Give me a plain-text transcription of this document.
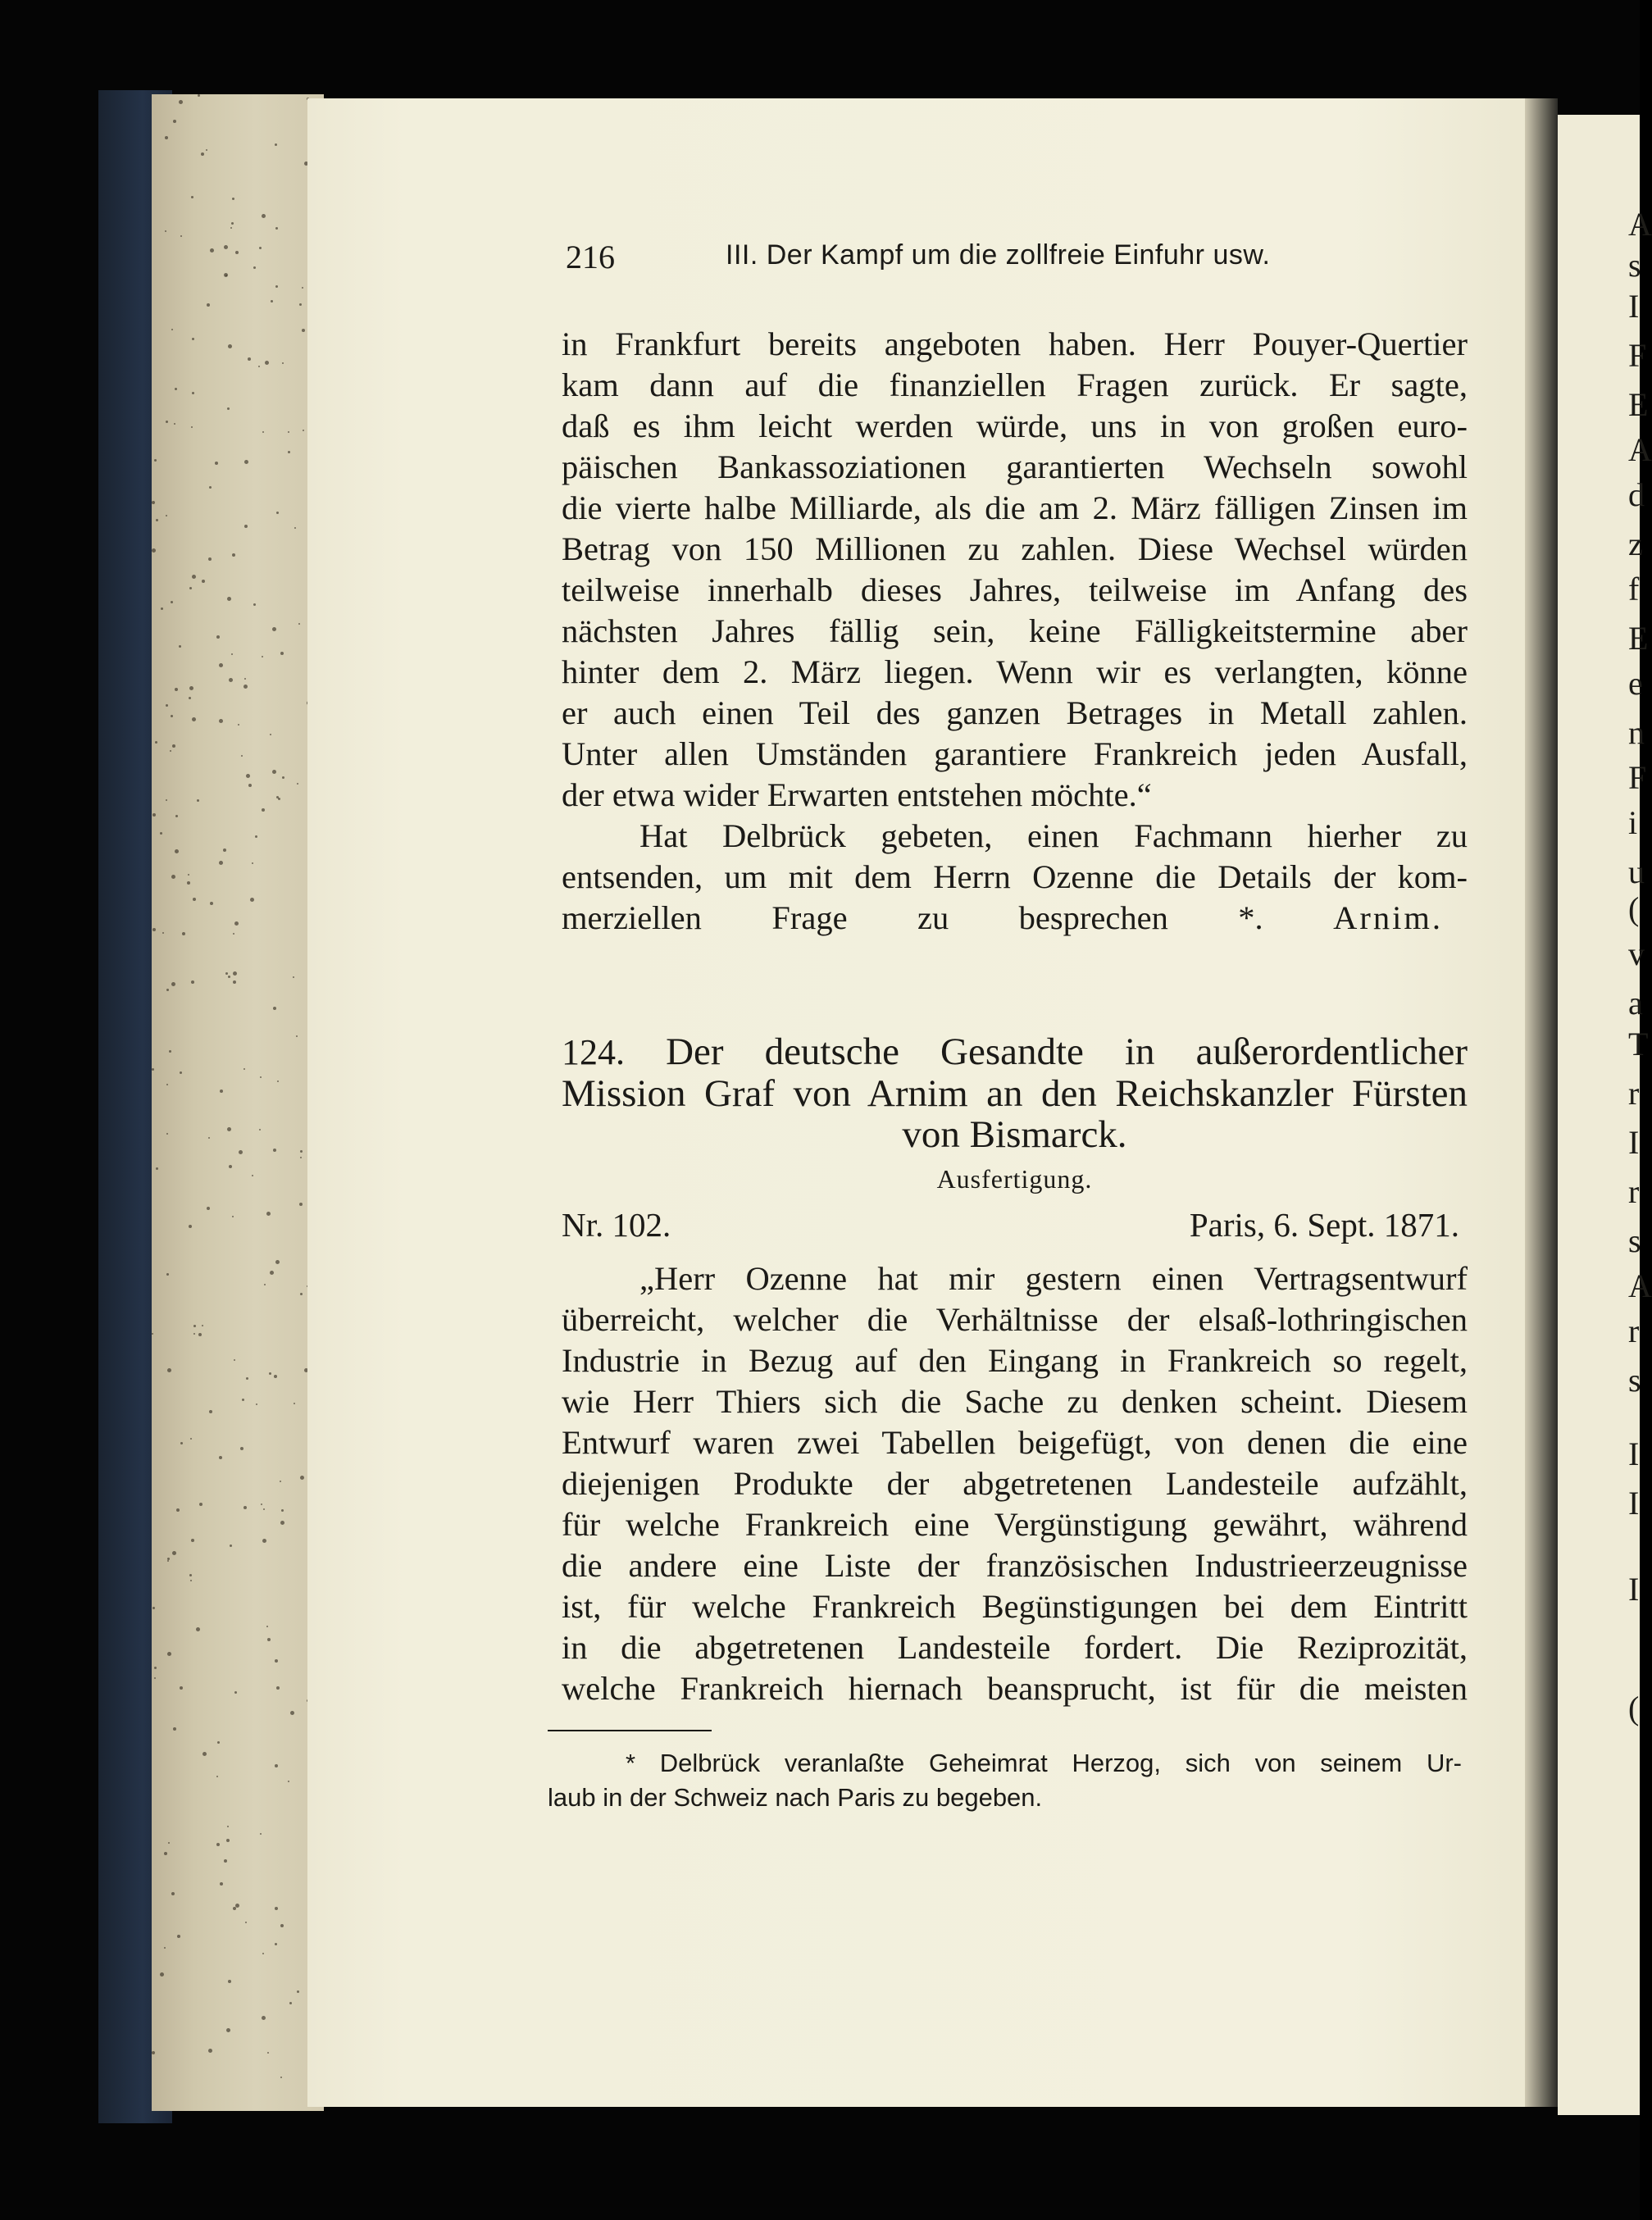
A
s
I
F
E
A
d
z
f
E
e
n
F
i
u
(
v
a
T
r
I
r
s
A
r
s
I
I
I
(
216	III. Der Kampf um die zollfreie Einfuhr usw.
in Frankfurt bereits angeboten haben. Herr Pouyer-Quertier
kam dann auf die finanziellen Fragen zurück. Er sagte,
daß es ihm leicht werden würde, uns in von großen euro-
päischen Bankassoziationen garantierten Wechseln sowohl
die vierte halbe Milliarde, als die am 2. März fälligen Zinsen im
Betrag von 150 Millionen zu zahlen. Diese Wechsel würden
teilweise innerhalb dieses Jahres, teilweise im Anfang des
nächsten Jahres fällig sein, keine Fälligkeitstermine aber
hinter dem 2. März liegen. Wenn wir es verlangten, könne
er auch einen Teil des ganzen Betrages in Metall zahlen.
Unter allen Umständen garantiere Frankreich jeden Ausfall,
der etwa wider Erwarten entstehen möchte.“
Hat Delbrück gebeten, einen Fachmann hierher zu
entsenden, um mit dem Herrn Ozenne die Details der kom-
merziellen Frage zu besprechen *. Arnim.
124. Der deutsche Gesandte in außerordentlicher
Mission Graf von Arnim an den Reichskanzler Fürsten
von Bismarck.
Ausfertigung.
Nr. 102.	Paris, 6. Sept. 1871.
„Herr Ozenne hat mir gestern einen Vertragsentwurf
überreicht, welcher die Verhältnisse der elsaß-lothringischen
Industrie in Bezug auf den Eingang in Frankreich so regelt,
wie Herr Thiers sich die Sache zu denken scheint. Diesem
Entwurf waren zwei Tabellen beigefügt, von denen die eine
diejenigen Produkte der abgetretenen Landesteile aufzählt,
für welche Frankreich eine Vergünstigung gewährt, während
die andere eine Liste der französischen Industrieerzeugnisse
ist, für welche Frankreich Begünstigungen bei dem Eintritt
in die abgetretenen Landesteile fordert. Die Reziprozität,
welche Frankreich hiernach beansprucht, ist für die meisten
* Delbrück veranlaßte Geheimrat Herzog, sich von seinem Ur-
laub in der Schweiz nach Paris zu begeben.
